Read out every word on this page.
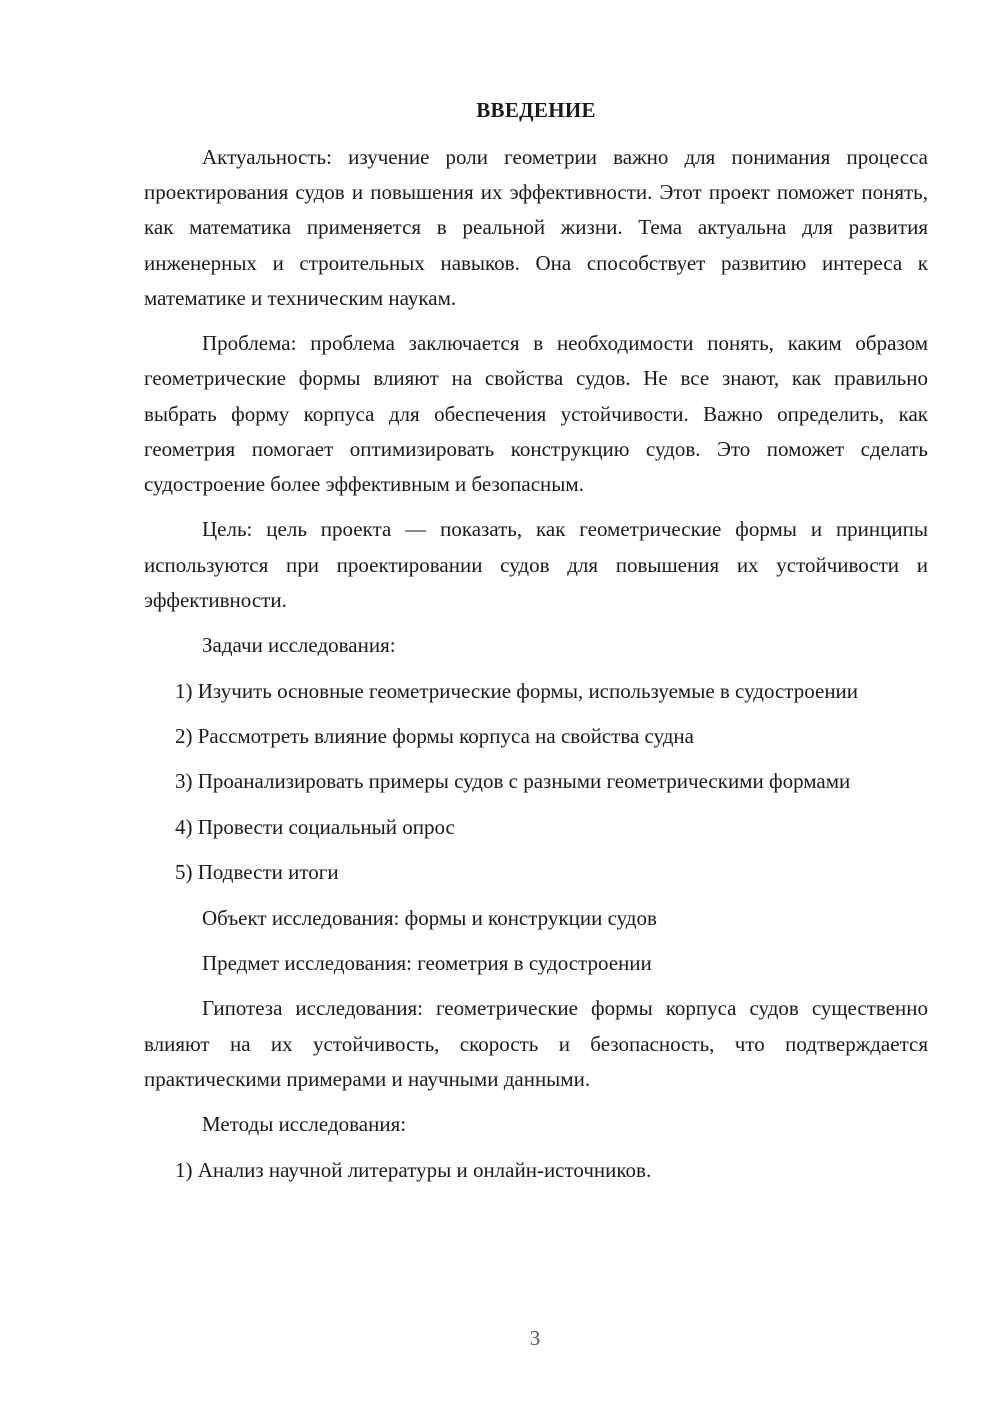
ВВЕДЕНИЕ

Актуальность: изучение роли геометрии важно для понимания процесса проектирования судов и повышения их эффективности. Этот проект поможет понять, как математика применяется в реальной жизни. Тема актуальна для развития инженерных и строительных навыков. Она способствует развитию интереса к математике и техническим наукам.

Проблема: проблема заключается в необходимости понять, каким образом геометрические формы влияют на свойства судов. Не все знают, как правильно выбрать форму корпуса для обеспечения устойчивости. Важно определить, как геометрия помогает оптимизировать конструкцию судов. Это поможет сделать судостроение более эффективным и безопасным.

Цель: цель проекта — показать, как геометрические формы и принципы используются при проектировании судов для повышения их устойчивости и эффективности.

Задачи исследования:

1) Изучить основные геометрические формы, используемые в судостроении

2) Рассмотреть влияние формы корпуса на свойства судна

3) Проанализировать примеры судов с разными геометрическими формами

4) Провести социальный опрос

5) Подвести итоги

Объект исследования: формы и конструкции судов

Предмет исследования: геометрия в судостроении

Гипотеза исследования: геометрические формы корпуса судов существенно влияют на их устойчивость, скорость и безопасность, что подтверждается практическими примерами и научными данными.

Методы исследования:

1) Анализ научной литературы и онлайн-источников.

3
